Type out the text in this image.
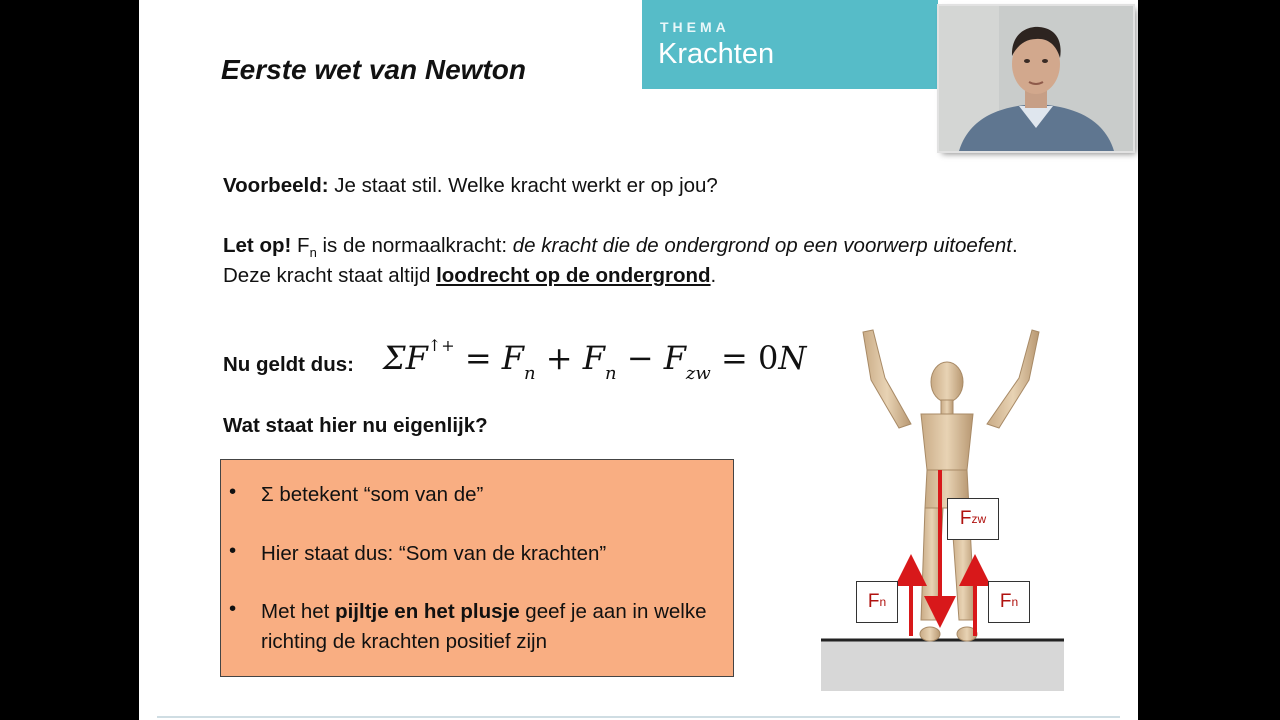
Eerste wet van Newton
THEMA
Krachten
Voorbeeld: Je staat stil. Welke kracht werkt er op jou?
Let op! $F_n$ is de normaalkracht: de kracht die de ondergrond op een voorwerp uitoefent.
Deze kracht staat altijd loodrecht op de ondergrond.
Nu geldt dus: $\Sigma F^{↑+} = F_n + F_n - F_{zw} = 0N$
Wat staat hier nu eigenlijk?
• Σ betekent “som van de”
• Hier staat dus: “Som van de krachten”
• Met het pijltje en het plusje geef je aan in welke richting de krachten positief zijn
F zw
F n	F n
